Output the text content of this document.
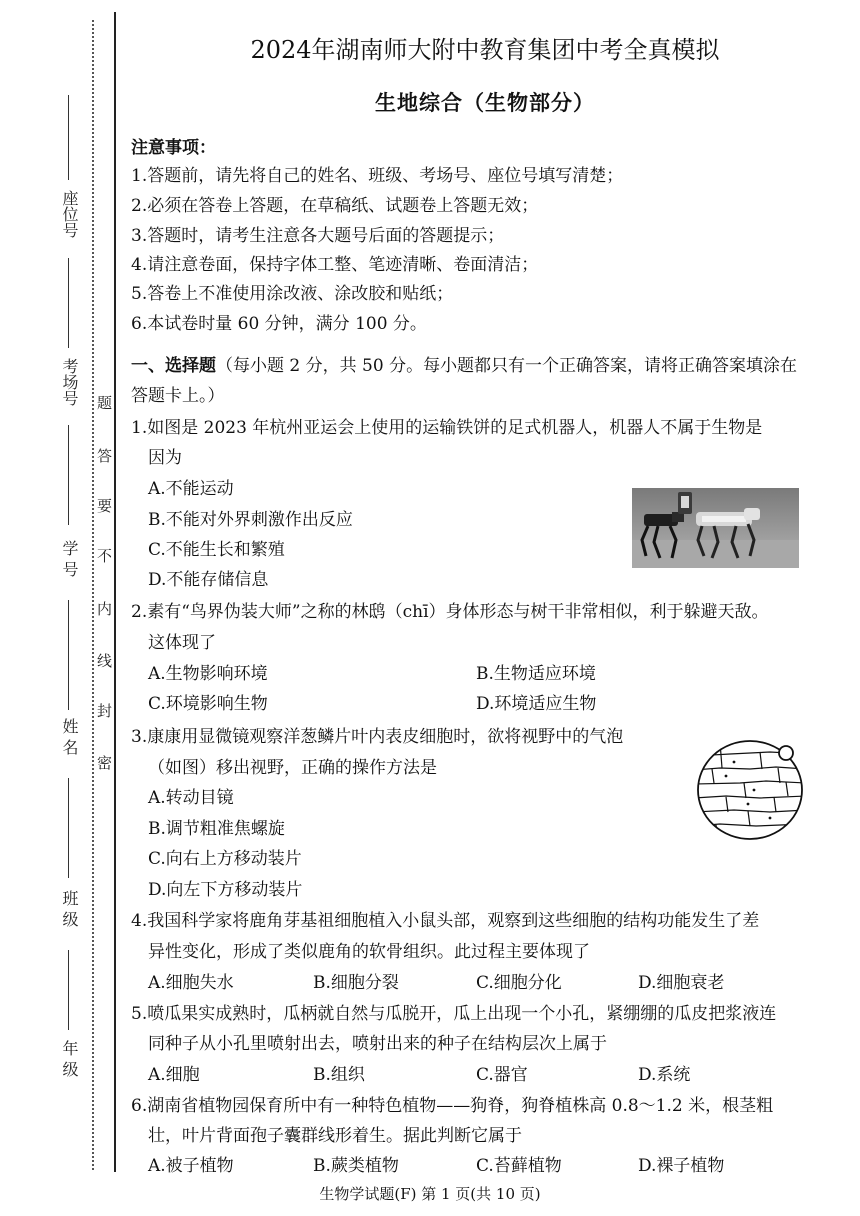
座位号
考场号
学 号
姓 名
班 级
年 级
题
答
要
不
内
线
封
密
2024年湖南师大附中教育集团中考全真模拟
生地综合（生物部分）
注意事项：
1.答题前，请先将自己的姓名、班级、考场号、座位号填写清楚；
2.必须在答卷上答题，在草稿纸、试题卷上答题无效；
3.答题时，请考生注意各大题号后面的答题提示；
4.请注意卷面，保持字体工整、笔迹清晰、卷面清洁；
5.答卷上不准使用涂改液、涂改胶和贴纸；
6.本试卷时量 60 分钟，满分 100 分。
一、选择题（每小题 2 分，共 50 分。每小题都只有一个正确答案，请将正确答案填涂在
答题卡上。）
1.如图是 2023 年杭州亚运会上使用的运输铁饼的足式机器人，机器人不属于生物是
因为
A.不能运动
B.不能对外界刺激作出反应
C.不能生长和繁殖
D.不能存储信息
2.素有“鸟界伪装大师”之称的林鸱（chī）身体形态与树干非常相似，利于躲避天敌。
这体现了
A.生物影响环境	B.生物适应环境
C.环境影响生物	D.环境适应生物
3.康康用显微镜观察洋葱鳞片叶内表皮细胞时，欲将视野中的气泡
（如图）移出视野，正确的操作方法是
A.转动目镜
B.调节粗准焦螺旋
C.向右上方移动装片
D.向左下方移动装片
4.我国科学家将鹿角芽基祖细胞植入小鼠头部，观察到这些细胞的结构功能发生了差
异性变化，形成了类似鹿角的软骨组织。此过程主要体现了
A.细胞失水	B.细胞分裂	C.细胞分化	D.细胞衰老
5.喷瓜果实成熟时，瓜柄就自然与瓜脱开，瓜上出现一个小孔，紧绷绷的瓜皮把浆液连
同种子从小孔里喷射出去，喷射出来的种子在结构层次上属于
A.细胞	B.组织	C.器官	D.系统
6.湖南省植物园保育所中有一种特色植物——狗脊，狗脊植株高 0.8～1.2 米，根茎粗
壮，叶片背面孢子囊群线形着生。据此判断它属于
A.被子植物	B.蕨类植物	C.苔藓植物	D.裸子植物
生物学试题(F) 第 1 页(共 10 页)
